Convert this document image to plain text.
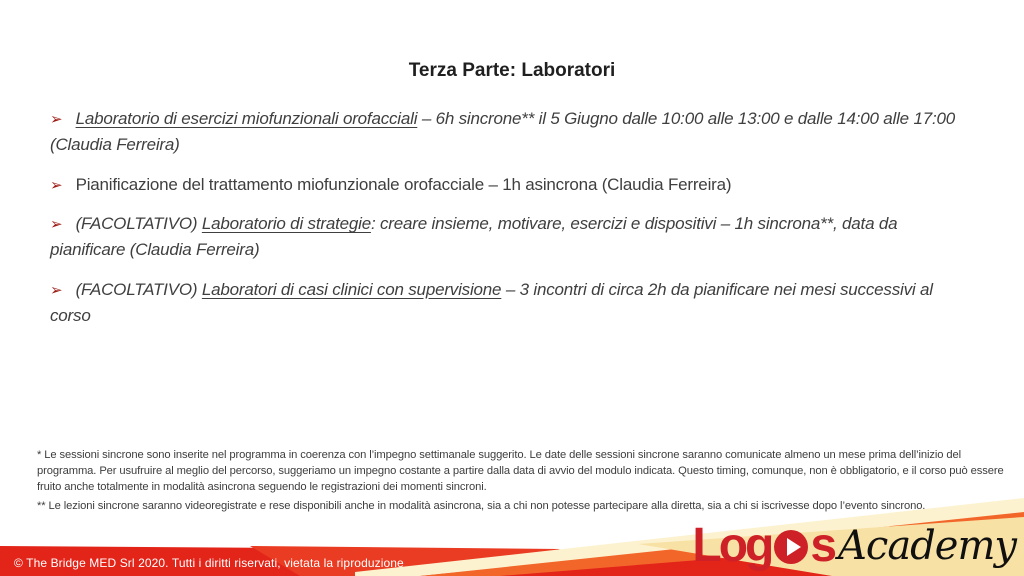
Terza Parte: Laboratori

➢ Laboratorio di esercizi miofunzionali orofacciali – 6h sincrone** il 5 Giugno dalle 10:00 alle 13:00 e dalle 14:00 alle 17:00 (Claudia Ferreira)

➢ Pianificazione del trattamento miofunzionale orofacciale – 1h asincrona (Claudia Ferreira)

➢ (FACOLTATIVO) Laboratorio di strategie: creare insieme, motivare, esercizi e dispositivi – 1h sincrona**, data da pianificare (Claudia Ferreira)

➢ (FACOLTATIVO) Laboratori di casi clinici con supervisione – 3 incontri di circa 2h da pianificare nei mesi successivi al corso

* Le sessioni sincrone sono inserite nel programma in coerenza con l’impegno settimanale suggerito. Le date delle sessioni sincrone saranno comunicate almeno un mese prima dell’inizio del programma. Per usufruire al meglio del percorso, suggeriamo un impegno costante a partire dalla data di avvio del modulo indicata. Questo timing, comunque, non è obbligatorio, e il corso può essere fruito anche totalmente in modalità asincrona seguendo le registrazioni dei momenti sincroni.

** Le lezioni sincrone saranno videoregistrate e rese disponibili anche in modalità asincrona, sia a chi non potesse partecipare alla diretta, sia a chi si iscrivesse dopo l’evento sincrono.

© The Bridge MED Srl 2020. Tutti i diritti riservati, vietata la riproduzione	Log s Academy
